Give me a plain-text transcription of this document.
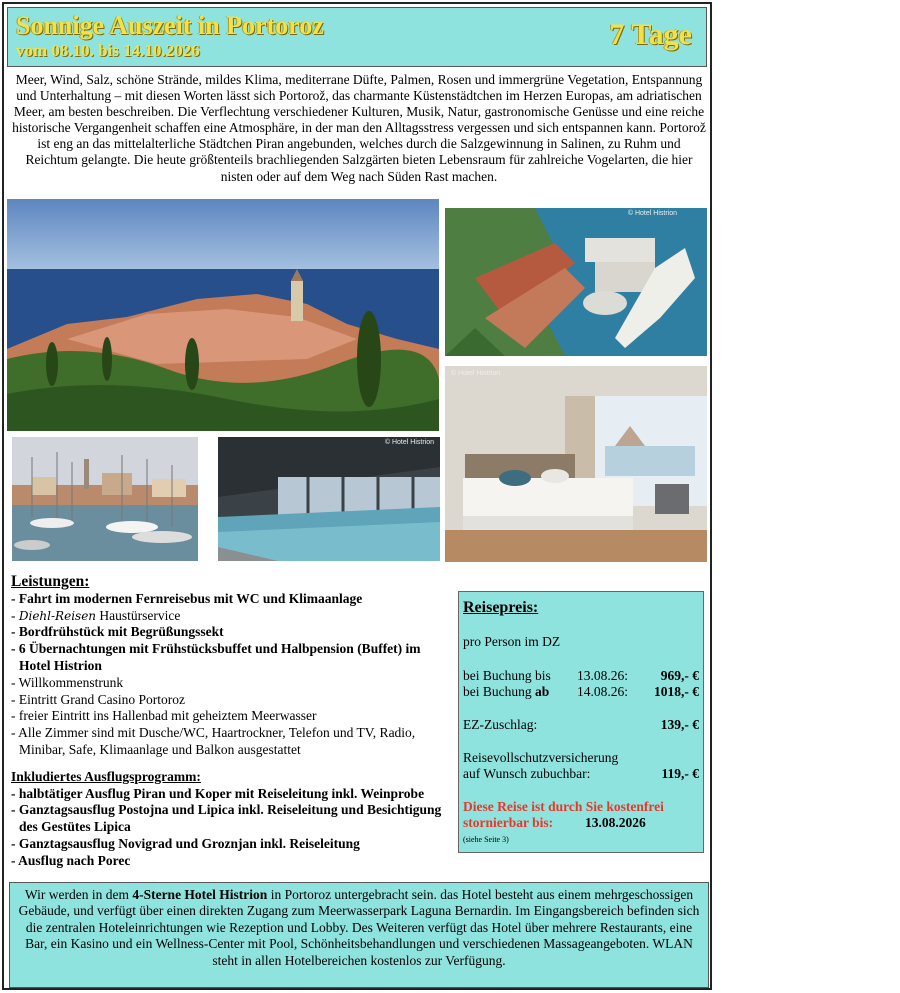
Sonnige Auszeit in Portoroz
vom 08.10. bis 14.10.2026	7 Tage

Meer, Wind, Salz, schöne Strände, mildes Klima, mediterrane Düfte, Palmen, Rosen und immergrüne Vegetation, Entspannung und Unterhaltung – mit diesen Worten lässt sich Portorož, das charmante Küstenstädtchen im Herzen Europas, am adriatischen Meer, am besten beschreiben. Die Verflechtung verschiedener Kulturen, Musik, Natur, gastronomische Genüsse und eine reiche historische Vergangenheit schaffen eine Atmosphäre, in der man den Alltagsstress vergessen und sich entspannen kann. Portorož ist eng an das mittelalterliche Städtchen Piran angebunden, welches durch die Salzgewinnung in Salinen, zu Ruhm und Reichtum gelangte. Die heute größtenteils brachliegenden Salzgärten bieten Lebensraum für zahlreiche Vogelarten, die hier nisten oder auf dem Weg nach Süden Rast machen.

© Hotel Histrion
© Hotel Histrion
© Hotel Histrion
Leistungen:
- Fahrt im modernen Fernreisebus mit WC und Klimaanlage
- Diehl-Reisen Haustürservice
- Bordfrühstück mit Begrüßungssekt
- 6 Übernachtungen mit Frühstücksbuffet und Halbpension (Buffet) im Hotel Histrion
- Willkommenstrunk
- Eintritt Grand Casino Portoroz
- freier Eintritt ins Hallenbad mit geheiztem Meerwasser
- Alle Zimmer sind mit Dusche/WC, Haartrockner, Telefon und TV, Radio, Minibar, Safe, Klimaanlage und Balkon ausgestattet
Inkludiertes Ausflugsprogramm:
- halbtätiger Ausflug Piran und Koper mit Reiseleitung inkl. Weinprobe
- Ganztagsausflug Postojna und Lipica inkl. Reiseleitung und Besichtigung des Gestütes Lipica
- Ganztagsausflug Novigrad und Groznjan inkl. Reiseleitung
- Ausflug nach Porec
Reisepreis:
pro Person im DZ
bei Buchung bis 13.08.26: 969,- €
bei Buchung ab 14.08.26: 1018,- €
EZ-Zuschlag:	139,- €
Reisevollschutzversicherung
auf Wunsch zubuchbar:	119,- €
Diese Reise ist durch Sie kostenfrei
stornierbar bis:	13.08.2026
(siehe Seite 3)
Wir werden in dem 4-Sterne Hotel Histrion in Portoroz untergebracht sein. das Hotel besteht aus einem mehrgeschossigen Gebäude, und verfügt über einen direkten Zugang zum Meerwasserpark Laguna Bernardin. Im Eingangsbereich befinden sich die zentralen Hoteleinrichtungen wie Rezeption und Lobby. Des Weiteren verfügt das Hotel über mehrere Restaurants, eine Bar, ein Kasino und ein Wellness-Center mit Pool, Schönheitsbehandlungen und verschiedenen Massageangeboten. WLAN steht in allen Hotelbereichen kostenlos zur Verfügung.
